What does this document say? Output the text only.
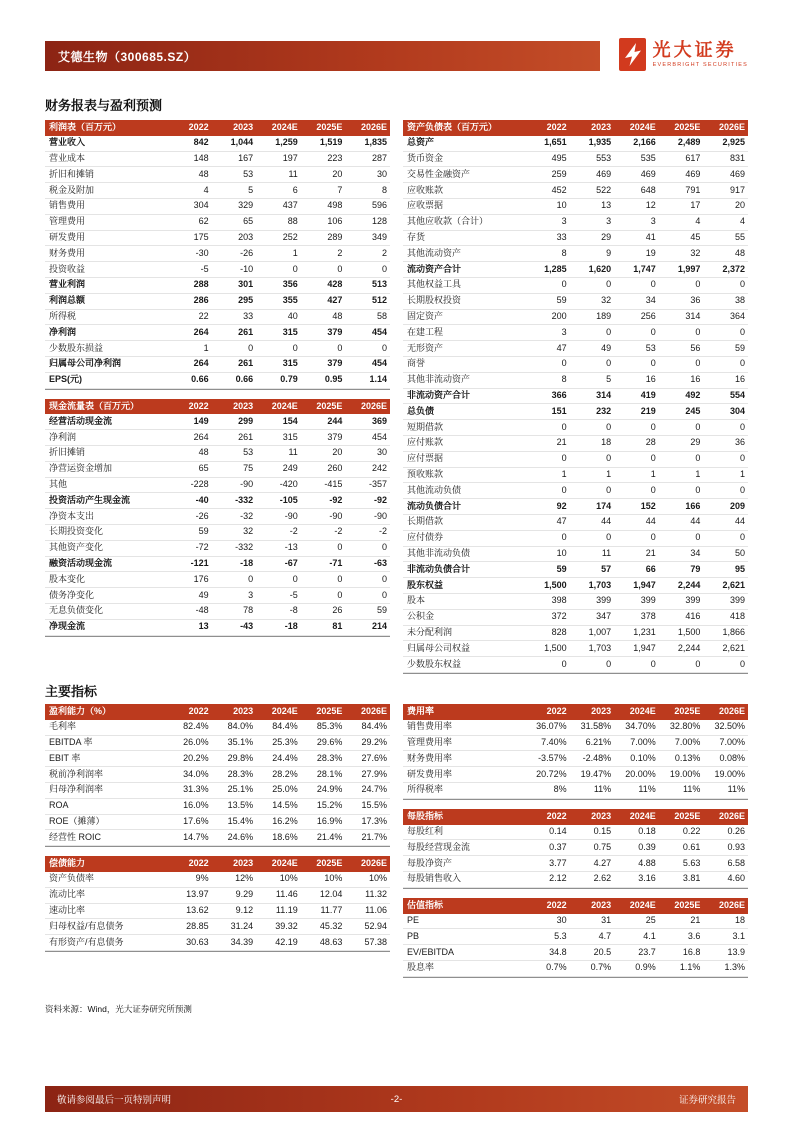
艾德生物（300685.SZ）	光大证券
EVERBRIGHT SECURITIES
财务报表与盈利预测
利润表（百万元）	2022	2023	2024E	2025E	2026E
营业收入	842	1,044	1,259	1,519	1,835
营业成本	148	167	197	223	287
折旧和摊销	48	53	11	20	30
税金及附加	4	5	6	7	8
销售费用	304	329	437	498	596
管理费用	62	65	88	106	128
研发费用	175	203	252	289	349
财务费用	-30	-26	1	2	2
投资收益	-5	-10	0	0	0
营业利润	288	301	356	428	513
利润总额	286	295	355	427	512
所得税	22	33	40	48	58
净利润	264	261	315	379	454
少数股东损益	1	0	0	0	0
归属母公司净利润	264	261	315	379	454
EPS(元)	0.66	0.66	0.79	0.95	1.14
现金流量表（百万元）	2022	2023	2024E	2025E	2026E
经营活动现金流	149	299	154	244	369
净利润	264	261	315	379	454
折旧摊销	48	53	11	20	30
净营运资金增加	65	75	249	260	242
其他	-228	-90	-420	-415	-357
投资活动产生现金流	-40	-332	-105	-92	-92
净资本支出	-26	-32	-90	-90	-90
长期投资变化	59	32	-2	-2	-2
其他资产变化	-72	-332	-13	0	0
融资活动现金流	-121	-18	-67	-71	-63
股本变化	176	0	0	0	0
债务净变化	49	3	-5	0	0
无息负债变化	-48	78	-8	26	59
净现金流	13	-43	-18	81	214
资产负债表（百万元）	2022	2023	2024E	2025E	2026E
总资产	1,651	1,935	2,166	2,489	2,925
货币资金	495	553	535	617	831
交易性金融资产	259	469	469	469	469
应收账款	452	522	648	791	917
应收票据	10	13	12	17	20
其他应收款（合计）	3	3	3	4	4
存货	33	29	41	45	55
其他流动资产	8	9	19	32	48
流动资产合计	1,285	1,620	1,747	1,997	2,372
其他权益工具	0	0	0	0	0
长期股权投资	59	32	34	36	38
固定资产	200	189	256	314	364
在建工程	3	0	0	0	0
无形资产	47	49	53	56	59
商誉	0	0	0	0	0
其他非流动资产	8	5	16	16	16
非流动资产合计	366	314	419	492	554
总负债	151	232	219	245	304
短期借款	0	0	0	0	0
应付账款	21	18	28	29	36
应付票据	0	0	0	0	0
预收账款	1	1	1	1	1
其他流动负债	0	0	0	0	0
流动负债合计	92	174	152	166	209
长期借款	47	44	44	44	44
应付债券	0	0	0	0	0
其他非流动负债	10	11	21	34	50
非流动负债合计	59	57	66	79	95
股东权益	1,500	1,703	1,947	2,244	2,621
股本	398	399	399	399	399
公积金	372	347	378	416	418
未分配利润	828	1,007	1,231	1,500	1,866
归属母公司权益	1,500	1,703	1,947	2,244	2,621
少数股东权益	0	0	0	0	0
主要指标
盈利能力（%）	2022	2023	2024E	2025E	2026E
毛利率	82.4%	84.0%	84.4%	85.3%	84.4%
EBITDA 率	26.0%	35.1%	25.3%	29.6%	29.2%
EBIT 率	20.2%	29.8%	24.4%	28.3%	27.6%
税前净利润率	34.0%	28.3%	28.2%	28.1%	27.9%
归母净利润率	31.3%	25.1%	25.0%	24.9%	24.7%
ROA	16.0%	13.5%	14.5%	15.2%	15.5%
ROE（摊薄）	17.6%	15.4%	16.2%	16.9%	17.3%
经营性 ROIC	14.7%	24.6%	18.6%	21.4%	21.7%
偿债能力	2022	2023	2024E	2025E	2026E
资产负债率	9%	12%	10%	10%	10%
流动比率	13.97	9.29	11.46	12.04	11.32
速动比率	13.62	9.12	11.19	11.77	11.06
归母权益/有息债务	28.85	31.24	39.32	45.32	52.94
有形资产/有息债务	30.63	34.39	42.19	48.63	57.38
费用率	2022	2023	2024E	2025E	2026E
销售费用率	36.07%	31.58%	34.70%	32.80%	32.50%
管理费用率	7.40%	6.21%	7.00%	7.00%	7.00%
财务费用率	-3.57%	-2.48%	0.10%	0.13%	0.08%
研发费用率	20.72%	19.47%	20.00%	19.00%	19.00%
所得税率	8%	11%	11%	11%	11%
每股指标	2022	2023	2024E	2025E	2026E
每股红利	0.14	0.15	0.18	0.22	0.26
每股经营现金流	0.37	0.75	0.39	0.61	0.93
每股净资产	3.77	4.27	4.88	5.63	6.58
每股销售收入	2.12	2.62	3.16	3.81	4.60
估值指标	2022	2023	2024E	2025E	2026E
PE	30	31	25	21	18
PB	5.3	4.7	4.1	3.6	3.1
EV/EBITDA	34.8	20.5	23.7	16.8	13.9
股息率	0.7%	0.7%	0.9%	1.1%	1.3%
资料来源：Wind，光大证券研究所预测
敬请参阅最后一页特别声明	-2-	证券研究报告
